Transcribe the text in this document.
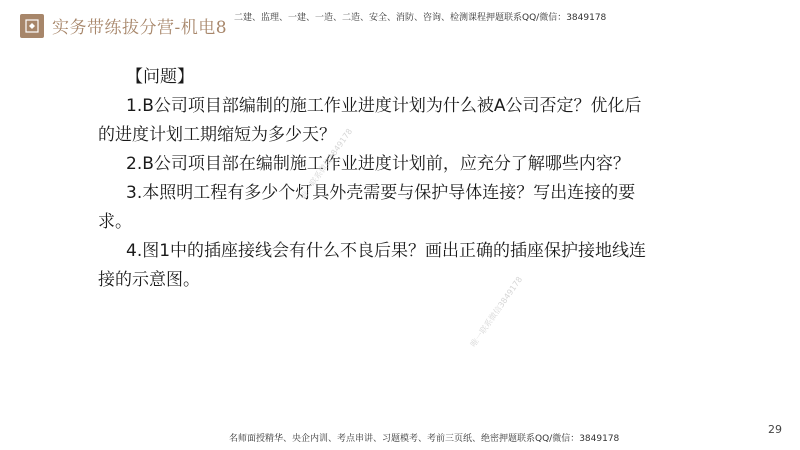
实务带练拔分营-机电8 二建、监理、一建、一造、二造、安全、消防、咨询、检测课程押题联系QQ/微信：3849178

【问题】

1.B公司项目部编制的施工作业进度计划为什么被A公司否定？优化后的进度计划工期缩短为多少天？

2.B公司项目部在编制施工作业进度计划前，应充分了解哪些内容？

3.本照明工程有多少个灯具外壳需要与保护导体连接？写出连接的要求。

4.图1中的插座接线会有什么不良后果？画出正确的插座保护接地线连接的示意图。

唯一联系微信3849178
唯一联系微信3849178
名师面授精华、央企内训、考点串讲、习题模考、考前三页纸、绝密押题联系QQ/微信：3849178
29
